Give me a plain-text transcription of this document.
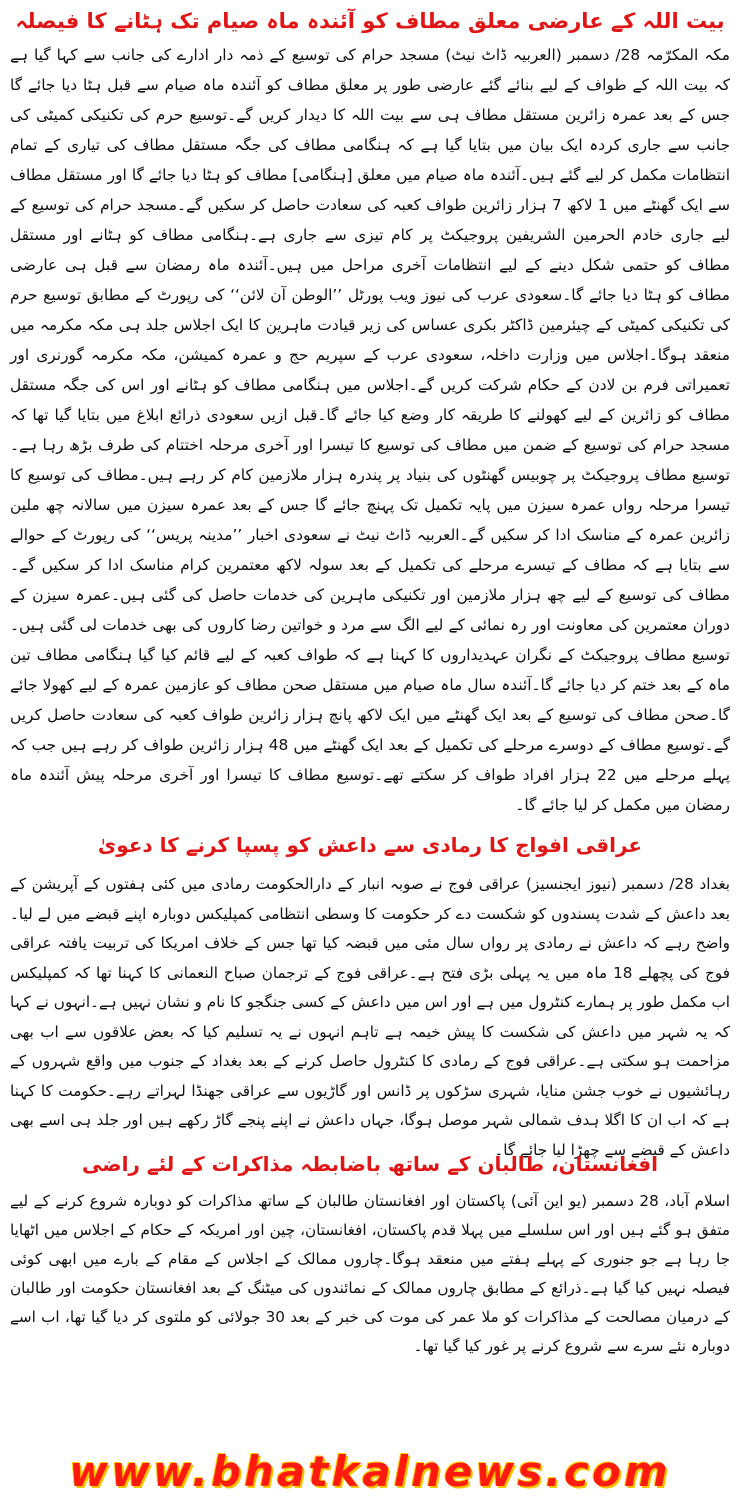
بیت اللہ کے عارضی معلق مطاف کو آئندہ ماہ صیام تک ہٹانے کا فیصلہ

مکہ المکرّمہ 28/ دسمبر (العربیہ ڈاٹ نیٹ) مسجد حرام کی توسیع کے ذمہ دار ادارے کی جانب سے کہا گیا ہے کہ بیت اللہ کے طواف کے لیے بنائے گئے عارضی طور پر معلق مطاف کو آئندہ ماہ صیام سے قبل ہٹا دیا جائے گا جس کے بعد عمرہ زائرین مستقل مطاف ہی سے بیت اللہ کا دیدار کریں گے۔توسیع حرم کی تکنیکی کمیٹی کی جانب سے جاری کردہ ایک بیان میں بتایا گیا ہے کہ ہنگامی مطاف کی جگہ مستقل مطاف کی تیاری کے تمام انتظامات مکمل کر لیے گئے ہیں۔آئندہ ماہ صیام میں معلق [ہنگامی] مطاف کو ہٹا دیا جائے گا اور مستقل مطاف سے ایک گھنٹے میں 1 لاکھ 7 ہزار زائرین طواف کعبہ کی سعادت حاصل کر سکیں گے۔مسجد حرام کی توسیع کے لیے جاری خادم الحرمین الشریفین پروجیکٹ پر کام تیزی سے جاری ہے۔ہنگامی مطاف کو ہٹانے اور مستقل مطاف کو حتمی شکل دینے کے لیے انتظامات آخری مراحل میں ہیں۔آئندہ ماہ رمضان سے قبل ہی عارضی مطاف کو ہٹا دیا جائے گا۔سعودی عرب کی نیوز ویب پورٹل ’’الوطن آن لائن‘‘ کی رپورٹ کے مطابق توسیع حرم کی تکنیکی کمیٹی کے چیئرمین ڈاکٹر بکری عساس کی زیر قیادت ماہرین کا ایک اجلاس جلد ہی مکہ مکرمہ میں منعقد ہوگا۔اجلاس میں وزارت داخلہ، سعودی عرب کے سپریم حج و عمرہ کمیشن، مکہ مکرمہ گورنری اور تعمیراتی فرم بن لادن کے حکام شرکت کریں گے۔اجلاس میں ہنگامی مطاف کو ہٹانے اور اس کی جگہ مستقل مطاف کو زائرین کے لیے کھولنے کا طریقہ کار وضع کیا جائے گا۔قبل ازیں سعودی ذرائع ابلاغ میں بتایا گیا تھا کہ مسجد حرام کی توسیع کے ضمن میں مطاف کی توسیع کا تیسرا اور آخری مرحلہ اختتام کی طرف بڑھ رہا ہے۔توسیع مطاف پروجیکٹ پر چوبیس گھنٹوں کی بنیاد پر پندرہ ہزار ملازمین کام کر رہے ہیں۔مطاف کی توسیع کا تیسرا مرحلہ رواں عمرہ سیزن میں پایہ تکمیل تک پہنچ جائے گا جس کے بعد عمرہ سیزن میں سالانہ چھ ملین زائرین عمرہ کے مناسک ادا کر سکیں گے۔العربیہ ڈاٹ نیٹ نے سعودی اخبار ’’مدینہ پریس‘‘ کی رپورٹ کے حوالے سے بتایا ہے کہ مطاف کے تیسرے مرحلے کی تکمیل کے بعد سولہ لاکھ معتمرین کرام مناسک ادا کر سکیں گے۔مطاف کی توسیع کے لیے چھ ہزار ملازمین اور تکنیکی ماہرین کی خدمات حاصل کی گئی ہیں۔عمرہ سیزن کے دوران معتمرین کی معاونت اور رہ نمائی کے لیے الگ سے مرد و خواتین رضا کاروں کی بھی خدمات لی گئی ہیں۔توسیع مطاف پروجیکٹ کے نگران عہدیداروں کا کہنا ہے کہ طواف کعبہ کے لیے قائم کیا گیا ہنگامی مطاف تین ماہ کے بعد ختم کر دیا جائے گا۔آئندہ سال ماہ صیام میں مستقل صحن مطاف کو عازمین عمرہ کے لیے کھولا جائے گا۔صحن مطاف کی توسیع کے بعد ایک گھنٹے میں ایک لاکھ پانچ ہزار زائرین طواف کعبہ کی سعادت حاصل کریں گے۔توسیع مطاف کے دوسرے مرحلے کی تکمیل کے بعد ایک گھنٹے میں 48 ہزار زائرین طواف کر رہے ہیں جب کہ پہلے مرحلے میں 22 ہزار افراد طواف کر سکتے تھے۔توسیع مطاف کا تیسرا اور آخری مرحلہ پیش آئندہ ماہ رمضان میں مکمل کر لیا جائے گا۔

عراقی افواج کا رمادی سے داعش کو پسپا کرنے کا دعویٰ

بغداد 28/ دسمبر (نیوز ایجنسیز) عراقی فوج نے صوبہ انبار کے دارالحکومت رمادی میں کئی ہفتوں کے آپریشن کے بعد داعش کے شدت پسندوں کو شکست دے کر حکومت کا وسطی انتظامی کمپلیکس دوبارہ اپنے قبضے میں لے لیا۔واضح رہے کہ داعش نے رمادی پر رواں سال مئی میں قبضہ کیا تھا جس کے خلاف امریکا کی تربیت یافتہ عراقی فوج کی پچھلے 18 ماہ میں یہ پہلی بڑی فتح ہے۔عراقی فوج کے ترجمان صباح النعمانی کا کہنا تھا کہ کمپلیکس اب مکمل طور پر ہمارے کنٹرول میں ہے اور اس میں داعش کے کسی جنگجو کا نام و نشان نہیں ہے۔انہوں نے کہا کہ یہ شہر میں داعش کی شکست کا پیش خیمہ ہے تاہم انہوں نے یہ تسلیم کیا کہ بعض علاقوں سے اب بھی مزاحمت ہو سکتی ہے۔عراقی فوج کے رمادی کا کنٹرول حاصل کرنے کے بعد بغداد کے جنوب میں واقع شہروں کے رہائشیوں نے خوب جشن منایا، شہری سڑکوں پر ڈانس اور گاڑیوں سے عراقی جھنڈا لہراتے رہے۔حکومت کا کہنا ہے کہ اب ان کا اگلا ہدف شمالی شہر موصل ہوگا، جہاں داعش نے اپنے پنجے گاڑ رکھے ہیں اور جلد ہی اسے بھی داعش کے قبضے سے چھڑا لیا جائے گا۔

افغانستان، طالبان کے ساتھ باضابطہ مذاکرات کے لئے راضی

اسلام آباد، 28 دسمبر (یو این آئی) پاکستان اور افغانستان طالبان کے ساتھ مذاکرات کو دوبارہ شروع کرنے کے لیے متفق ہو گئے ہیں اور اس سلسلے میں پہلا قدم پاکستان، افغانستان، چین اور امریکہ کے حکام کے اجلاس میں اٹھایا جا رہا ہے جو جنوری کے پہلے ہفتے میں منعقد ہوگا۔چاروں ممالک کے اجلاس کے مقام کے بارے میں ابھی کوئی فیصلہ نہیں کیا گیا ہے۔ذرائع کے مطابق چاروں ممالک کے نمائندوں کی میٹنگ کے بعد افغانستان حکومت اور طالبان کے درمیان مصالحت کے مذاکرات کو ملا عمر کی موت کی خبر کے بعد 30 جولائی کو ملتوی کر دیا گیا تھا، اب اسے دوبارہ نئے سرے سے شروع کرنے پر غور کیا گیا تھا۔

www.bhatkalnews.com
